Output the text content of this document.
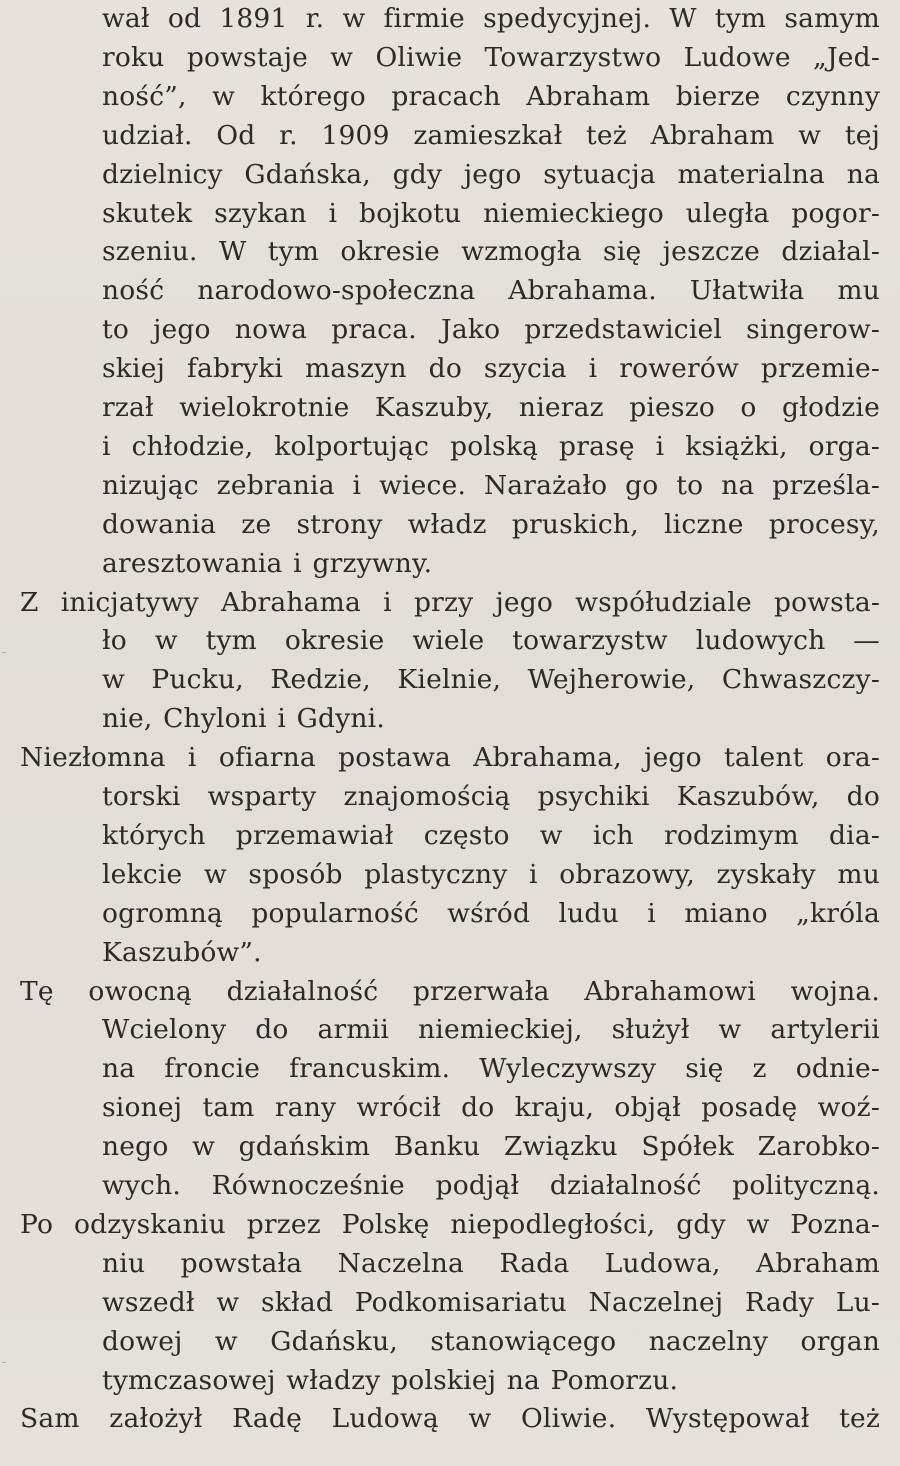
wał od 1891 r. w firmie spedycyjnej. W tym samym
roku powstaje w Oliwie Towarzystwo Ludowe „Jed-
ność”, w którego pracach Abraham bierze czynny
udział. Od r. 1909 zamieszkał też Abraham w tej
dzielnicy Gdańska, gdy jego sytuacja materialna na
skutek szykan i bojkotu niemieckiego uległa pogor-
szeniu. W tym okresie wzmogła się jeszcze działal-
ność narodowo-społeczna Abrahama. Ułatwiła mu
to jego nowa praca. Jako przedstawiciel singerow-
skiej fabryki maszyn do szycia i rowerów przemie-
rzał wielokrotnie Kaszuby, nieraz pieszo o głodzie
i chłodzie, kolportując polską prasę i książki, orga-
nizując zebrania i wiece. Narażało go to na prześla-
dowania ze strony władz pruskich, liczne procesy,
aresztowania i grzywny.
Z inicjatywy Abrahama i przy jego współudziale powsta-
ło w tym okresie wiele towarzystw ludowych —
w Pucku, Redzie, Kielnie, Wejherowie, Chwaszczy-
nie, Chyloni i Gdyni.
Niezłomna i ofiarna postawa Abrahama, jego talent ora-
torski wsparty znajomością psychiki Kaszubów, do
których przemawiał często w ich rodzimym dia-
lekcie w sposób plastyczny i obrazowy, zyskały mu
ogromną popularność wśród ludu i miano „króla
Kaszubów”.
Tę owocną działalność przerwała Abrahamowi wojna.
Wcielony do armii niemieckiej, służył w artylerii
na froncie francuskim. Wyleczywszy się z odnie-
sionej tam rany wrócił do kraju, objął posadę woź-
nego w gdańskim Banku Związku Spółek Zarobko-
wych. Równocześnie podjął działalność polityczną.
Po odzyskaniu przez Polskę niepodległości, gdy w Pozna-
niu powstała Naczelna Rada Ludowa, Abraham
wszedł w skład Podkomisariatu Naczelnej Rady Lu-
dowej w Gdańsku, stanowiącego naczelny organ
tymczasowej władzy polskiej na Pomorzu.
Sam założył Radę Ludową w Oliwie. Występował też
